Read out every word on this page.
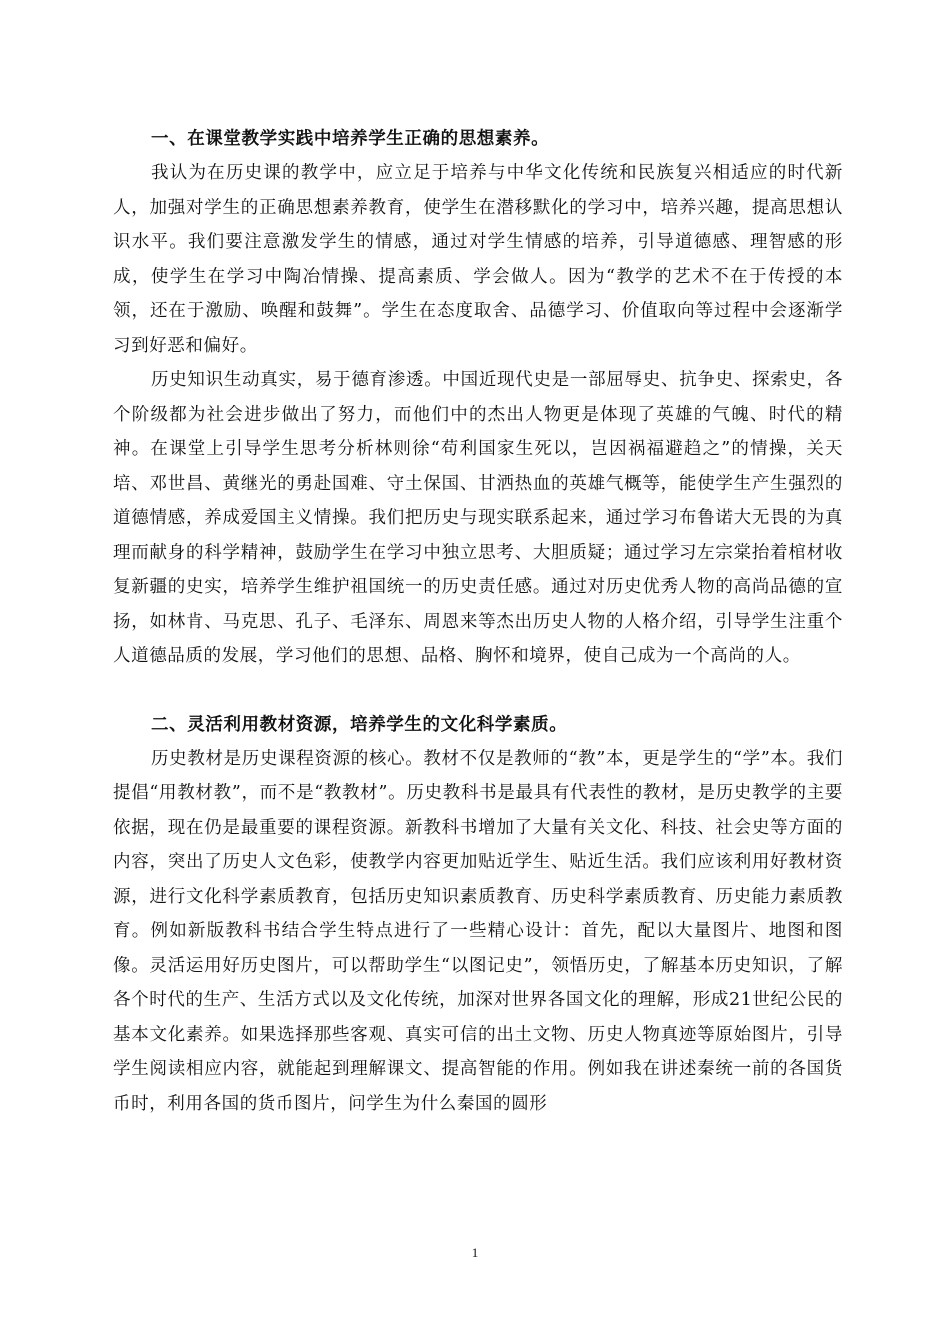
一、在课堂教学实践中培养学生正确的思想素养。

我认为在历史课的教学中，应立足于培养与中华文化传统和民族复兴相适应的时代新人，加强对学生的正确思想素养教育，使学生在潜移默化的学习中，培养兴趣，提高思想认识水平。我们要注意激发学生的情感，通过对学生情感的培养，引导道德感、理智感的形成，使学生在学习中陶冶情操、提高素质、学会做人。因为“教学的艺术不在于传授的本领，还在于激励、唤醒和鼓舞”。学生在态度取舍、品德学习、价值取向等过程中会逐渐学习到好恶和偏好。

历史知识生动真实，易于德育渗透。中国近现代史是一部屈辱史、抗争史、探索史，各个阶级都为社会进步做出了努力，而他们中的杰出人物更是体现了英雄的气魄、时代的精神。在课堂上引导学生思考分析林则徐“苟利国家生死以，岂因祸福避趋之”的情操，关天培、邓世昌、黄继光的勇赴国难、守土保国、甘洒热血的英雄气概等，能使学生产生强烈的道德情感，养成爱国主义情操。我们把历史与现实联系起来，通过学习布鲁诺大无畏的为真理而献身的科学精神，鼓励学生在学习中独立思考、大胆质疑；通过学习左宗棠抬着棺材收复新疆的史实，培养学生维护祖国统一的历史责任感。通过对历史优秀人物的高尚品德的宣扬，如林肯、马克思、孔子、毛泽东、周恩来等杰出历史人物的人格介绍，引导学生注重个人道德品质的发展，学习他们的思想、品格、胸怀和境界，使自己成为一个高尚的人。

二、灵活利用教材资源，培养学生的文化科学素质。

历史教材是历史课程资源的核心。教材不仅是教师的“教”本，更是学生的“学”本。我们提倡“用教材教”，而不是“教教材”。历史教科书是最具有代表性的教材，是历史教学的主要依据，现在仍是最重要的课程资源。新教科书增加了大量有关文化、科技、社会史等方面的内容，突出了历史人文色彩，使教学内容更加贴近学生、贴近生活。我们应该利用好教材资源，进行文化科学素质教育，包括历史知识素质教育、历史科学素质教育、历史能力素质教育。例如新版教科书结合学生特点进行了一些精心设计：首先，配以大量图片、地图和图像。灵活运用好历史图片，可以帮助学生“以图记史”，领悟历史，了解基本历史知识，了解各个时代的生产、生活方式以及文化传统，加深对世界各国文化的理解，形成21世纪公民的基本文化素养。如果选择那些客观、真实可信的出土文物、历史人物真迹等原始图片，引导学生阅读相应内容，就能起到理解课文、提高智能的作用。例如我在讲述秦统一前的各国货币时，利用各国的货币图片，问学生为什么秦国的圆形

1
